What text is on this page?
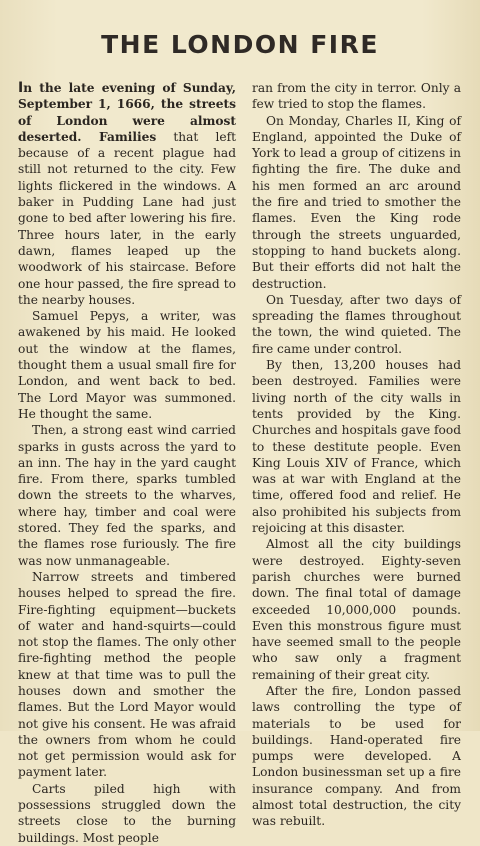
THE LONDON FIRE

In the late evening of Sunday, September 1, 1666, the streets of London were almost deserted. Families that left because of a recent plague had still not returned to the city. Few lights flickered in the windows. A baker in Pudding Lane had just gone to bed after lowering his fire. Three hours later, in the early dawn, flames leaped up the woodwork of his staircase. Before one hour passed, the fire spread to the nearby houses.

Samuel Pepys, a writer, was awakened by his maid. He looked out the window at the flames, thought them a usual small fire for London, and went back to bed. The Lord Mayor was summoned. He thought the same.

Then, a strong east wind carried sparks in gusts across the yard to an inn. The hay in the yard caught fire. From there, sparks tumbled down the streets to the wharves, where hay, timber and coal were stored. They fed the sparks, and the flames rose furiously. The fire was now unmanageable.

Narrow streets and timbered houses helped to spread the fire. Fire-fighting equipment—buckets of water and hand-squirts—could not stop the flames. The only other fire-fighting method the people knew at that time was to pull the houses down and smother the flames. But the Lord Mayor would not give his consent. He was afraid the owners from whom he could not get permission would ask for payment later.

Carts piled high with possessions struggled down the streets close to the burning buildings. Most people

ran from the city in terror. Only a few tried to stop the flames.

On Monday, Charles II, King of England, appointed the Duke of York to lead a group of citizens in fighting the fire. The duke and his men formed an arc around the fire and tried to smother the flames. Even the King rode through the streets unguarded, stopping to hand buckets along. But their efforts did not halt the destruction.

On Tuesday, after two days of spreading the flames throughout the town, the wind quieted. The fire came under control.

By then, 13,200 houses had been destroyed. Families were living north of the city walls in tents provided by the King. Churches and hospitals gave food to these destitute people. Even King Louis XIV of France, which was at war with England at the time, offered food and relief. He also prohibited his subjects from rejoicing at this disaster.

Almost all the city buildings were destroyed. Eighty-seven parish churches were burned down. The final total of damage exceeded 10,000,000 pounds. Even this monstrous figure must have seemed small to the people who saw only a fragment remaining of their great city.

After the fire, London passed laws controlling the type of materials to be used for buildings. Hand-operated fire pumps were developed. A London businessman set up a fire insurance company. And from almost total destruction, the city was rebuilt.
